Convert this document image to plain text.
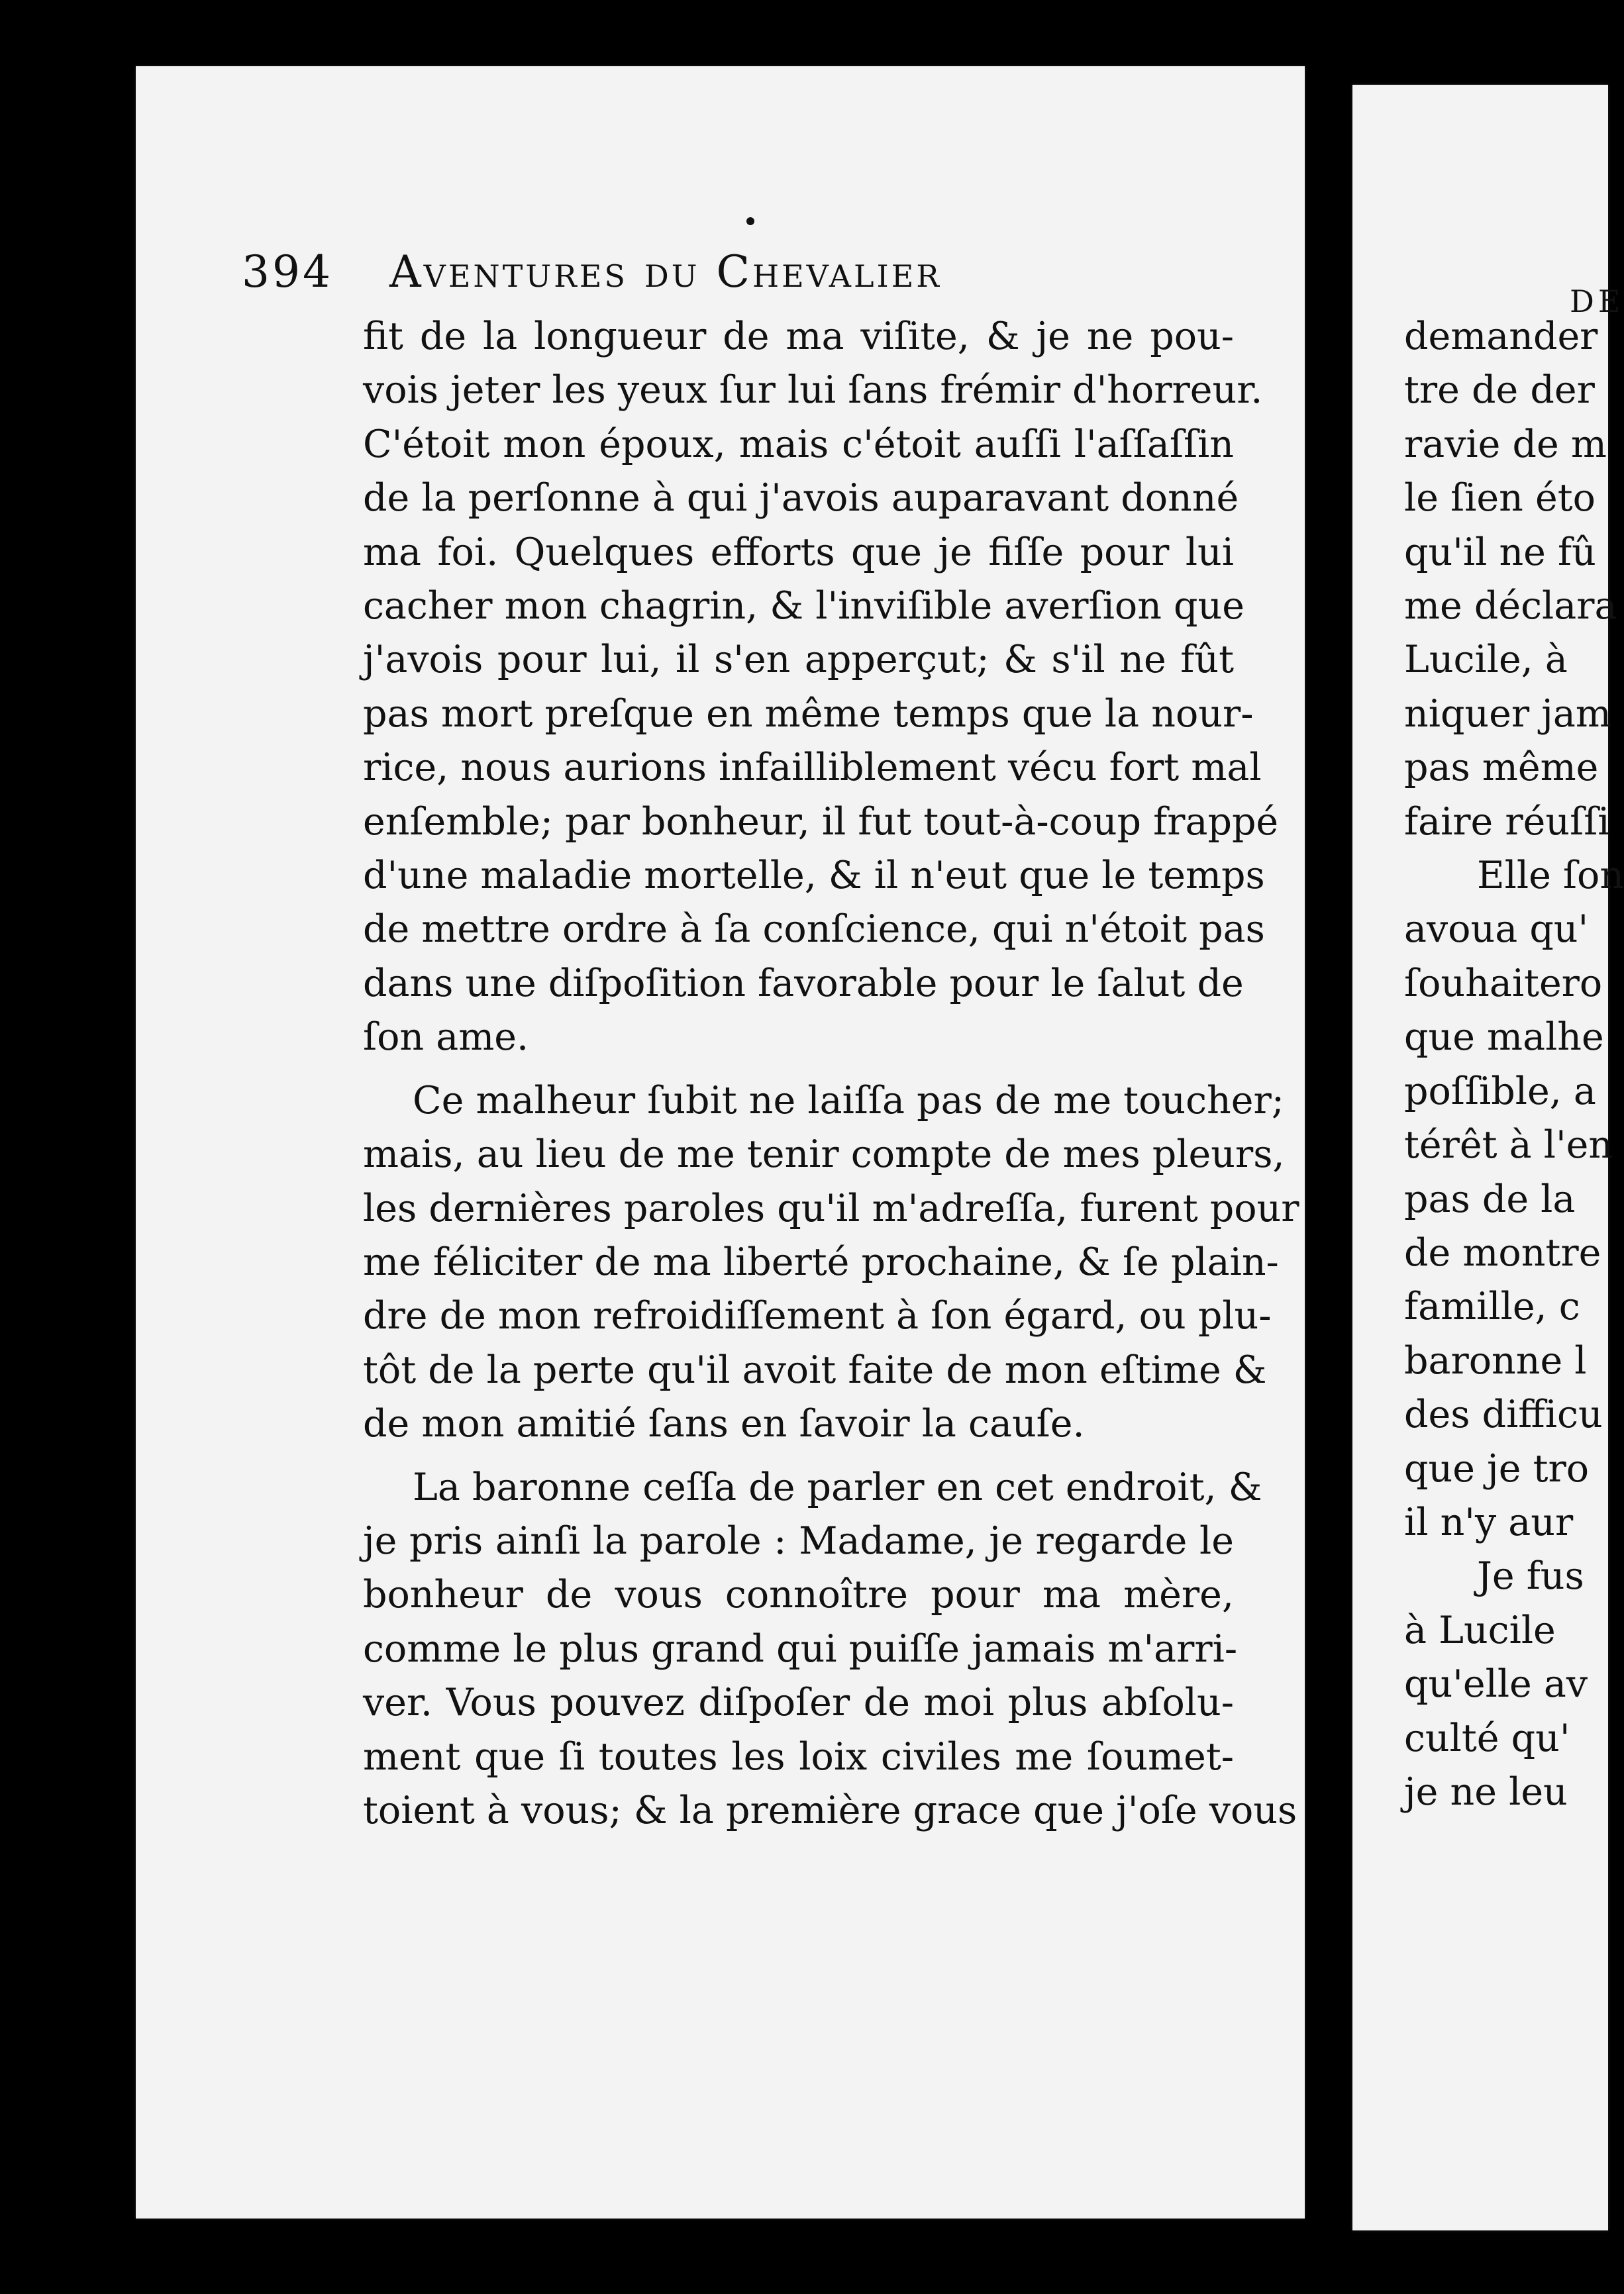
394 Aventures du Chevalier
fit de la longueur de ma viſite, & je ne pou-
vois jeter les yeux ſur lui ſans frémir d'horreur.
C'étoit mon époux, mais c'étoit auſſi l'aſſaſſin
de la perſonne à qui j'avois auparavant donné
ma foi. Quelques efforts que je fiſſe pour lui
cacher mon chagrin, & l'inviſible averſion que
j'avois pour lui, il s'en apperçut; & s'il ne fût
pas mort preſque en même temps que la nour-
rice, nous aurions infailliblement vécu fort mal
enſemble; par bonheur, il fut tout-à-coup frappé
d'une maladie mortelle, & il n'eut que le temps
de mettre ordre à ſa conſcience, qui n'étoit pas
dans une diſpoſition favorable pour le ſalut de
ſon ame.
Ce malheur ſubit ne laiſſa pas de me toucher;
mais, au lieu de me tenir compte de mes pleurs,
les dernières paroles qu'il m'adreſſa, furent pour
me féliciter de ma liberté prochaine, & ſe plain-
dre de mon refroidiſſement à ſon égard, ou plu-
tôt de la perte qu'il avoit faite de mon eſtime &
de mon amitié ſans en ſavoir la cauſe.
La baronne ceſſa de parler en cet endroit, &
je pris ainſi la parole : Madame, je regarde le
bonheur de vous connoître pour ma mère,
comme le plus grand qui puiſſe jamais m'arri-
ver. Vous pouvez diſpoſer de moi plus abſolu-
ment que ſi toutes les loix civiles me ſoumet-
toient à vous; & la première grace que j'oſe vous
DE
demander
tre de der
ravie de m
le ſien éto
qu'il ne fû
me déclara
Lucile, à
niquer jam
pas même
faire réuſſi
Elle ſon
avoua qu'
ſouhaitero
que malhe
poſſible, a
térêt à l'en
pas de la
de montre
famille, c
baronne l
des difficu
que je tro
il n'y aur
Je fus
à Lucile
qu'elle av
culté qu'
je ne leu
